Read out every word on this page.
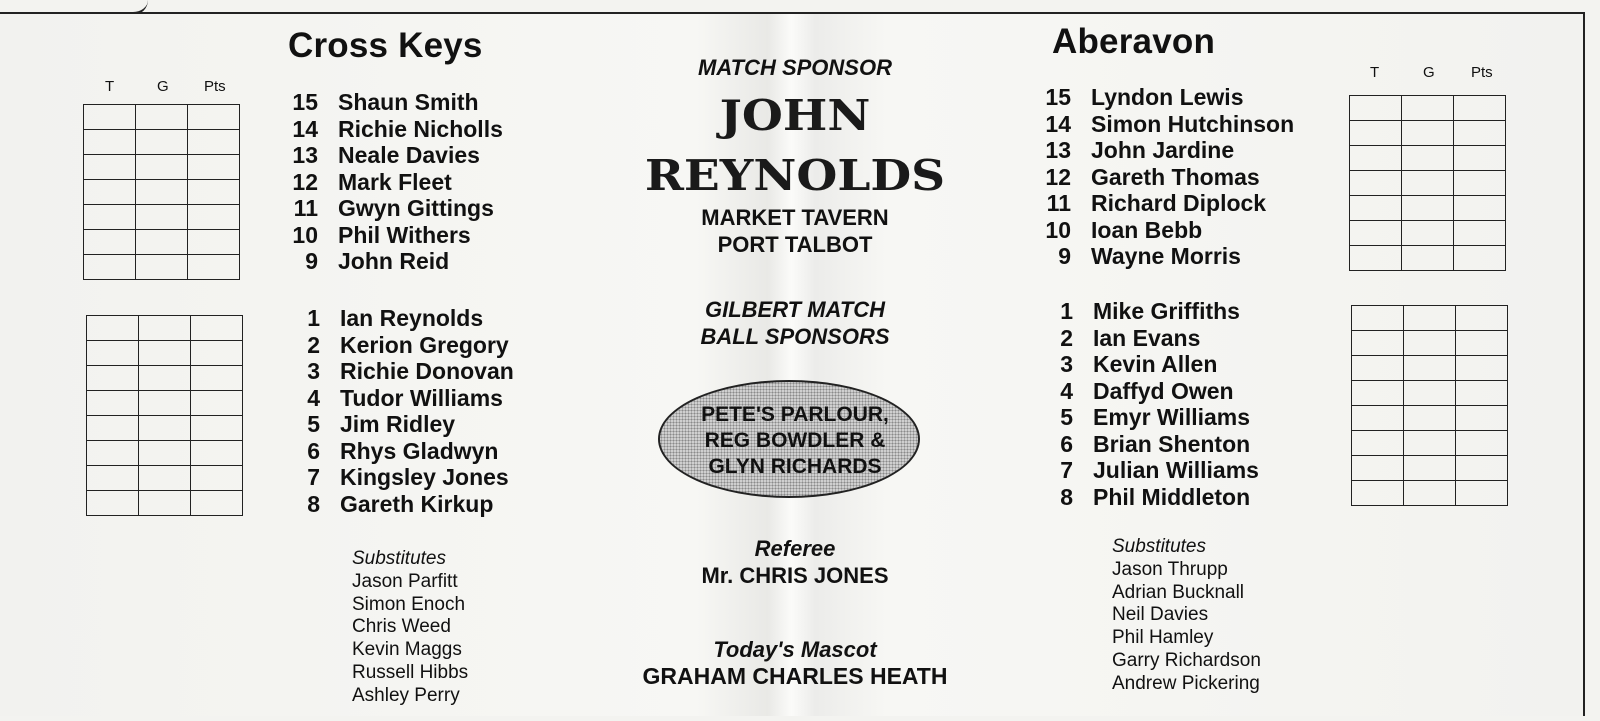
Cross Keys
T	G Pts

15 Shaun Smith
14 Richie Nicholls
13 Neale Davies
12 Mark Fleet
11 Gwyn Gittings
10 Phil Withers
9 John Reid
1 Ian Reynolds
2 Kerion Gregory
3 Richie Donovan
4 Tudor Williams
5 Jim Ridley
6 Rhys Gladwyn
7 Kingsley Jones
8 Gareth Kirkup
Substitutes
Jason Parfitt
Simon Enoch
Chris Weed
Kevin Maggs
Russell Hibbs
Ashley Perry
MATCH SPONSOR
JOHN
REYNOLDS
MARKET TAVERN
PORT TALBOT
GILBERT MATCH
BALL SPONSORS
PETE'S PARLOUR,
REG BOWDLER &
GLYN RICHARDS
Referee
Mr. CHRIS JONES
Today's Mascot
GRAHAM CHARLES HEATH
Aberavon
T	G Pts

15 Lyndon Lewis
14 Simon Hutchinson
13 John Jardine
12 Gareth Thomas
11 Richard Diplock
10 Ioan Bebb
9 Wayne Morris
1 Mike Griffiths
2 Ian Evans
3 Kevin Allen
4 Daffyd Owen
5 Emyr Williams
6 Brian Shenton
7 Julian Williams
8 Phil Middleton
Substitutes
Jason Thrupp
Adrian Bucknall
Neil Davies
Phil Hamley
Garry Richardson
Andrew Pickering
